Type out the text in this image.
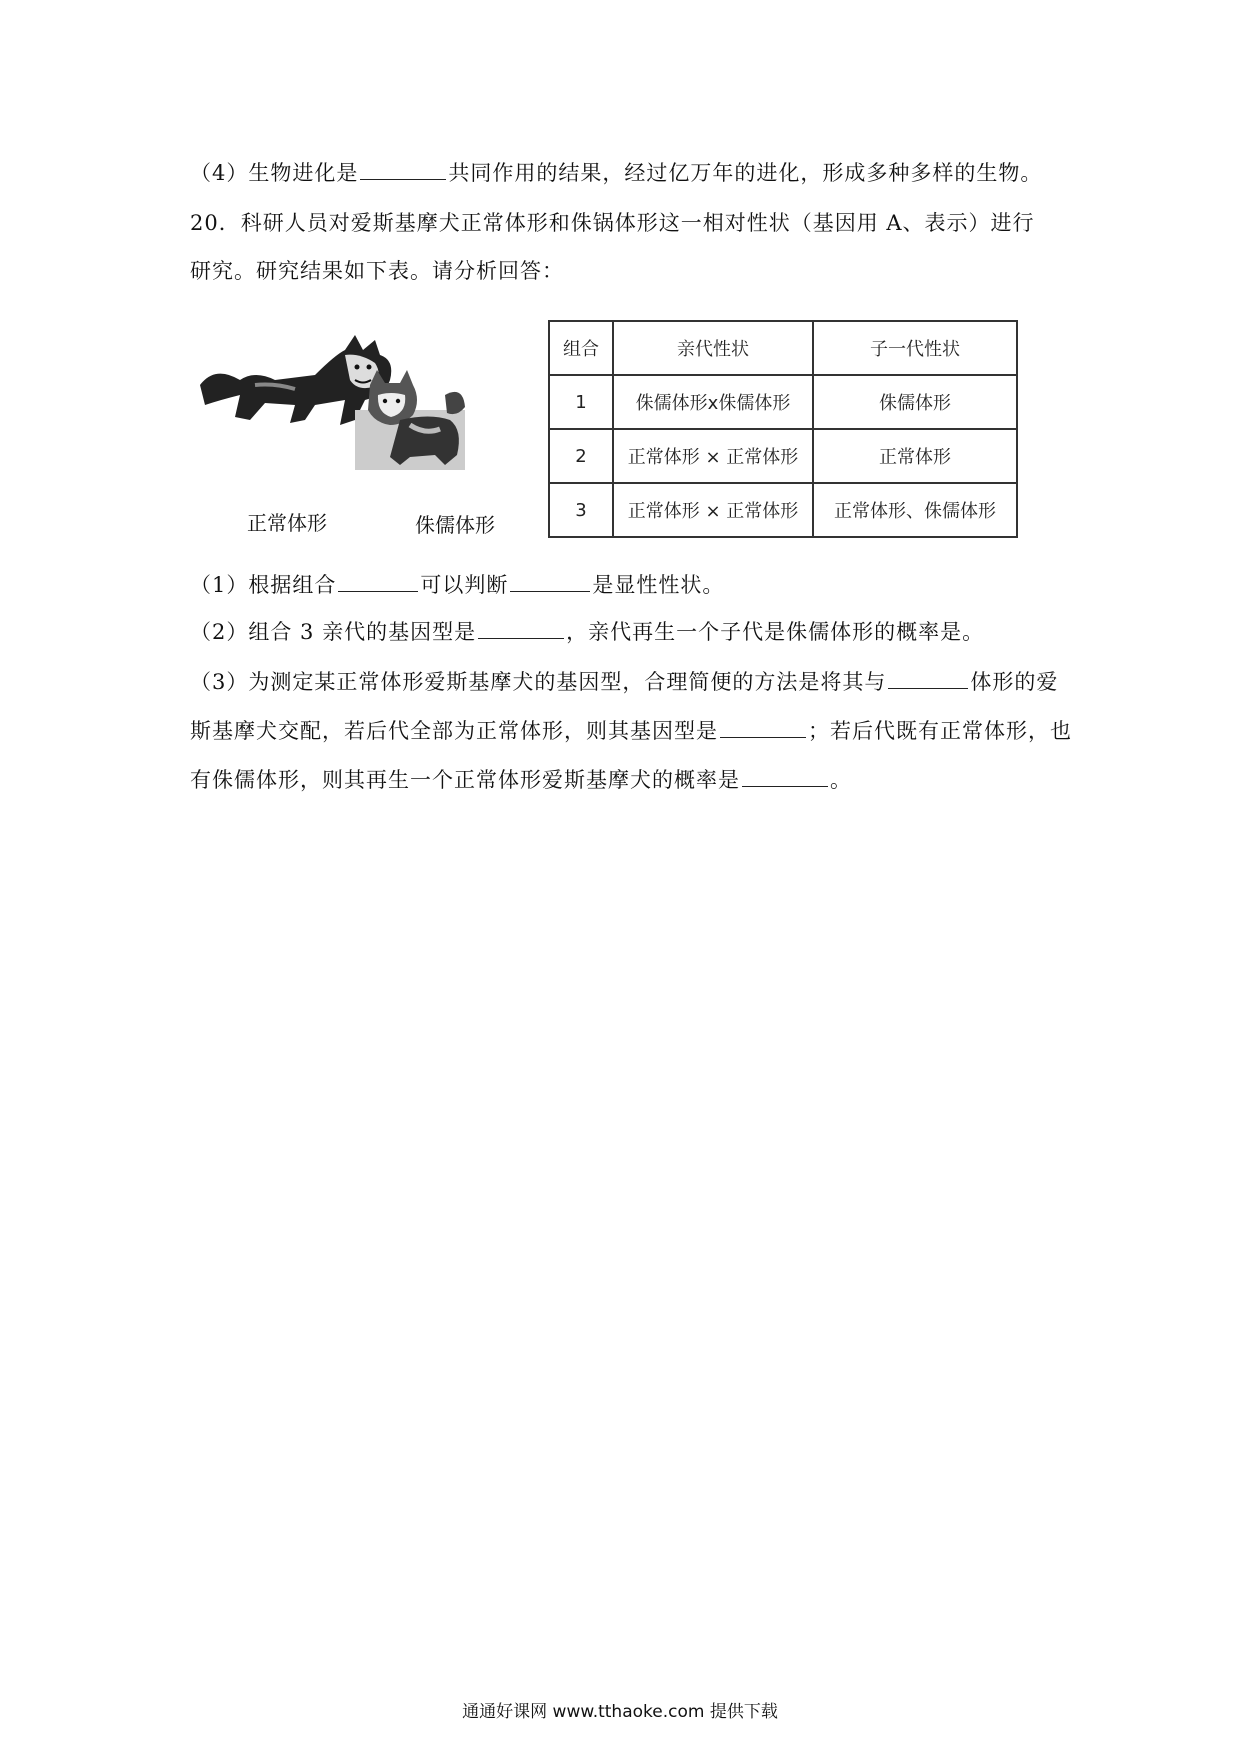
（4）生物进化是	共同作用的结果，经过亿万年的进化，形成多种多样的生物。
20．科研人员对爱斯基摩犬正常体形和侏锅体形这一相对性状（基因用 A、表示）进行
研究。研究结果如下表。请分析回答：
正常体形	侏儒体形
组合	亲代性状	子一代性状
1	侏儒体形x侏儒体形	侏儒体形
2	正常体形 × 正常体形	正常体形
3	正常体形 × 正常体形	正常体形、侏儒体形
（1）根据组合	可以判断	是显性性状。
（2）组合 3 亲代的基因型是	，亲代再生一个子代是侏儒体形的概率是。
（3）为测定某正常体形爱斯基摩犬的基因型，合理简便的方法是将其与	体形的爱
斯基摩犬交配，若后代全部为正常体形，则其基因型是	；若后代既有正常体形，也
有侏儒体形，则其再生一个正常体形爱斯基摩犬的概率是	。
通通好课网 www.tthaoke.com 提供下载
